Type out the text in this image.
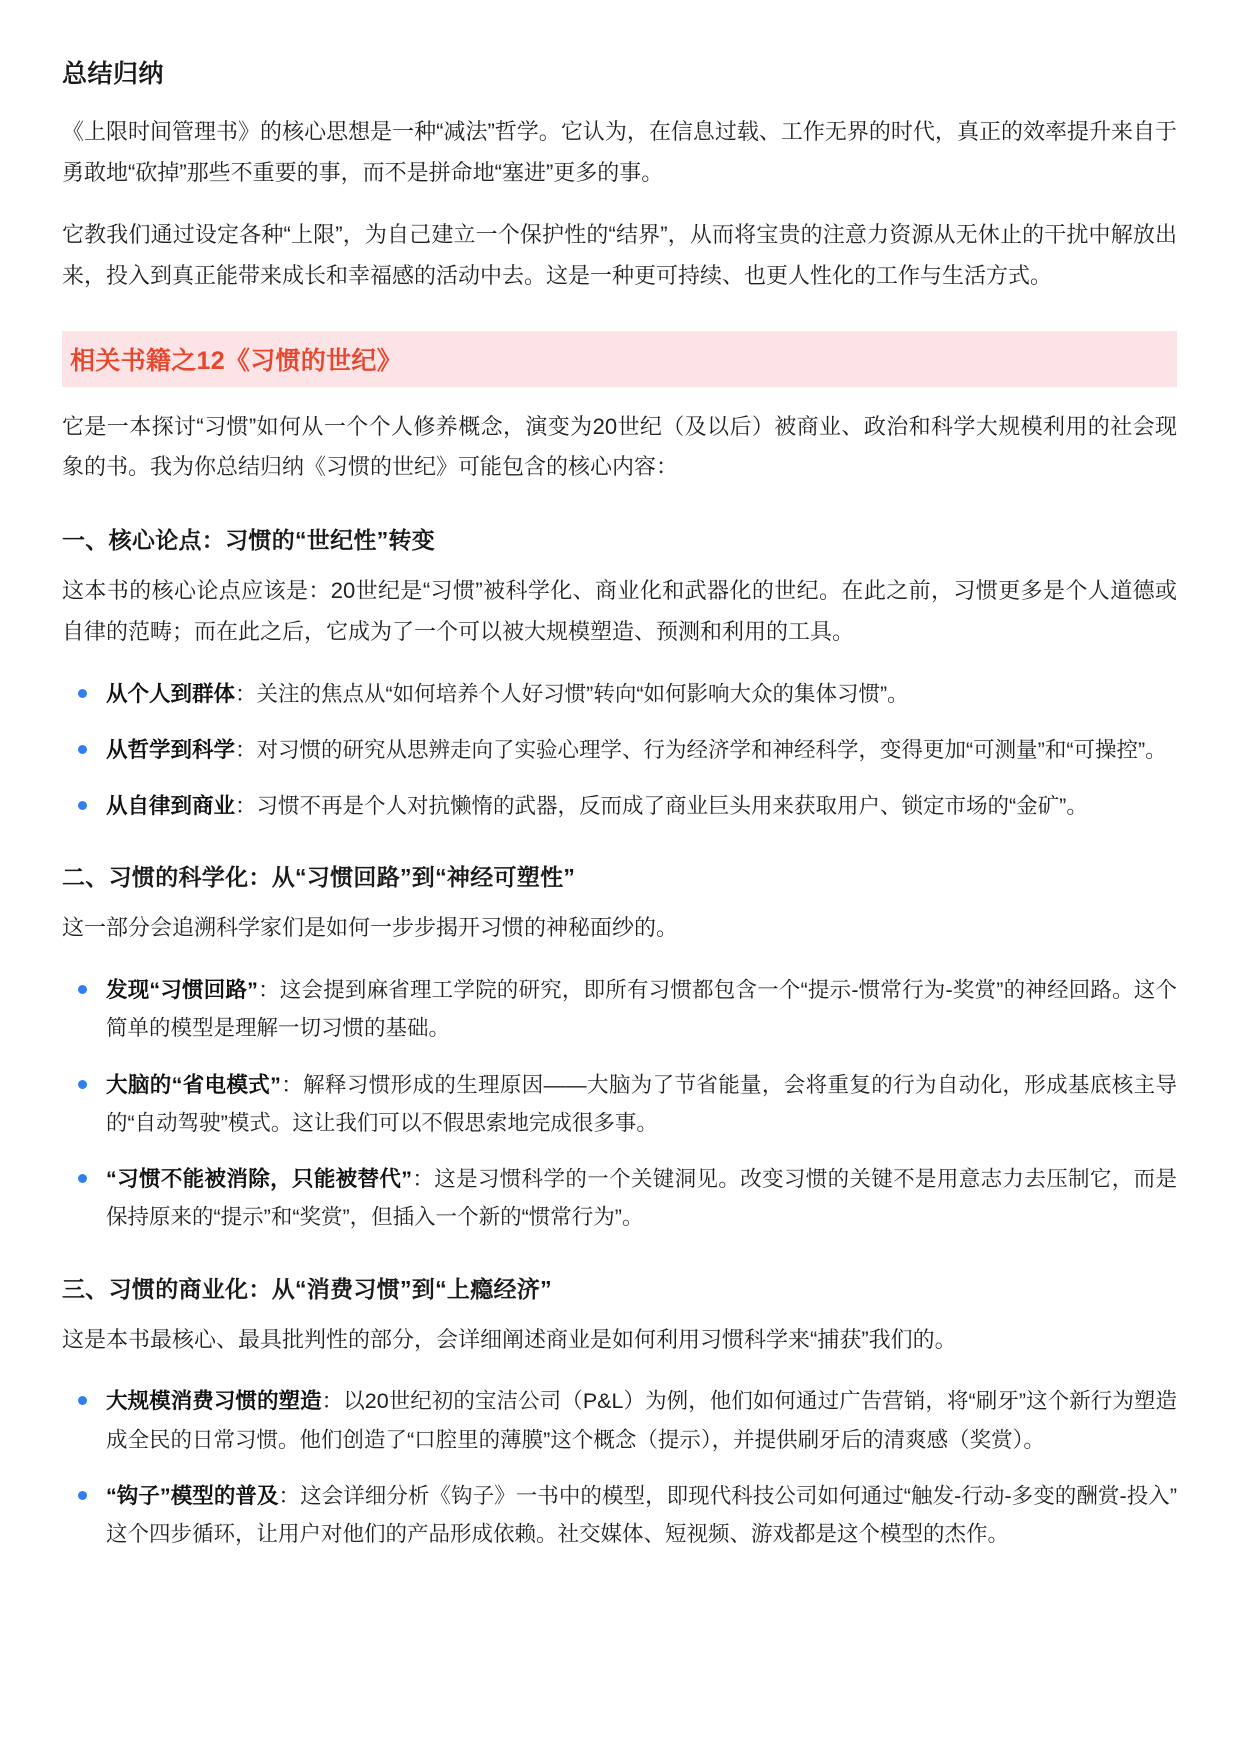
总结归纳

《上限时间管理书》的核心思想是一种“减法”哲学。它认为，在信息过载、工作无界的时代，真正的效率提升来自于勇敢地“砍掉”那些不重要的事，而不是拼命地“塞进”更多的事。

它教我们通过设定各种“上限”，为自己建立一个保护性的“结界”，从而将宝贵的注意力资源从无休止的干扰中解放出来，投入到真正能带来成长和幸福感的活动中去。这是一种更可持续、也更人性化的工作与生活方式。

相关书籍之12《习惯的世纪》

它是一本探讨“习惯”如何从一个个人修养概念，演变为20世纪（及以后）被商业、政治和科学大规模利用的社会现象的书。我为你总结归纳《习惯的世纪》可能包含的核心内容：

一、核心论点：习惯的“世纪性”转变

这本书的核心论点应该是：20世纪是“习惯”被科学化、商业化和武器化的世纪。在此之前，习惯更多是个人道德或自律的范畴；而在此之后，它成为了一个可以被大规模塑造、预测和利用的工具。

从个人到群体：关注的焦点从“如何培养个人好习惯”转向“如何影响大众的集体习惯”。
从哲学到科学：对习惯的研究从思辨走向了实验心理学、行为经济学和神经科学，变得更加“可测量”和“可操控”。
从自律到商业：习惯不再是个人对抗懒惰的武器，反而成了商业巨头用来获取用户、锁定市场的“金矿”。
二、习惯的科学化：从“习惯回路”到“神经可塑性”

这一部分会追溯科学家们是如何一步步揭开习惯的神秘面纱的。

发现“习惯回路”：这会提到麻省理工学院的研究，即所有习惯都包含一个“提示-惯常行为-奖赏”的神经回路。这个简单的模型是理解一切习惯的基础。
大脑的“省电模式”：解释习惯形成的生理原因——大脑为了节省能量，会将重复的行为自动化，形成基底核主导的“自动驾驶”模式。这让我们可以不假思索地完成很多事。
“习惯不能被消除，只能被替代”：这是习惯科学的一个关键洞见。改变习惯的关键不是用意志力去压制它，而是保持原来的“提示”和“奖赏”，但插入一个新的“惯常行为”。
三、习惯的商业化：从“消费习惯”到“上瘾经济”

这是本书最核心、最具批判性的部分，会详细阐述商业是如何利用习惯科学来“捕获”我们的。

大规模消费习惯的塑造：以20世纪初的宝洁公司（P&L）为例，他们如何通过广告营销，将“刷牙”这个新行为塑造成全民的日常习惯。他们创造了“口腔里的薄膜”这个概念（提示），并提供刷牙后的清爽感（奖赏）。
“钩子”模型的普及：这会详细分析《钩子》一书中的模型，即现代科技公司如何通过“触发-行动-多变的酬赏-投入”这个四步循环，让用户对他们的产品形成依赖。社交媒体、短视频、游戏都是这个模型的杰作。
